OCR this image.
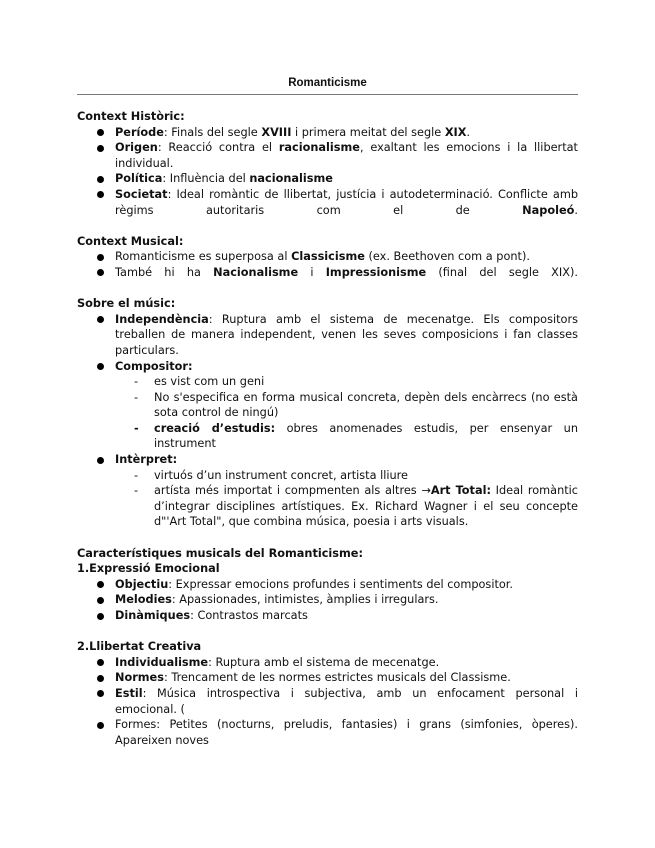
Romanticisme

Context Històric:

Període: Finals del segle XVIII i primera meitat del segle XIX.
Origen: Reacció contra el racionalisme, exaltant les emocions i la llibertat individual.
Política: Influència del nacionalisme
Societat: Ideal romàntic de llibertat, justícia i autodeterminació. Conflicte amb règims autoritaris com el de Napoleó.

Context Musical:

Romanticisme es superposa al Classicisme (ex. Beethoven com a pont).
També hi ha Nacionalisme i Impressionisme (final del segle XIX).

Sobre el músic:

Independència: Ruptura amb el sistema de mecenatge. Els compositors treballen de manera independent, venen les seves composicions i fan classes particulars.
Compositor:
- es vist com un geni
- No s'especifica en forma musical concreta, depèn dels encàrrecs (no està sota control de ningú)
- creació d’estudis: obres anomenades estudis, per ensenyar un instrument
Intèrpret:
- virtuós d’un instrument concret, artista lliure
- artísta més importat i compmenten als altres →Art Total: Ideal romàntic d’integrar disciplines artístiques. Ex. Richard Wagner i el seu concepte d"'Art Total", que combina música, poesia i arts visuals.

Característiques musicals del Romanticisme:

1.Expressió Emocional

Objectiu: Expressar emocions profundes i sentiments del compositor.
Melodies: Apassionades, intimistes, àmplies i irregulars.
Dinàmiques: Contrastos marcats

2.Llibertat Creativa

Individualisme: Ruptura amb el sistema de mecenatge.
Normes: Trencament de les normes estrictes musicals del Classisme.
Estil: Música introspectiva i subjectiva, amb un enfocament personal i emocional. (
Formes: Petites (nocturns, preludis, fantasies) i grans (simfonies, òperes). Apareixen noves
